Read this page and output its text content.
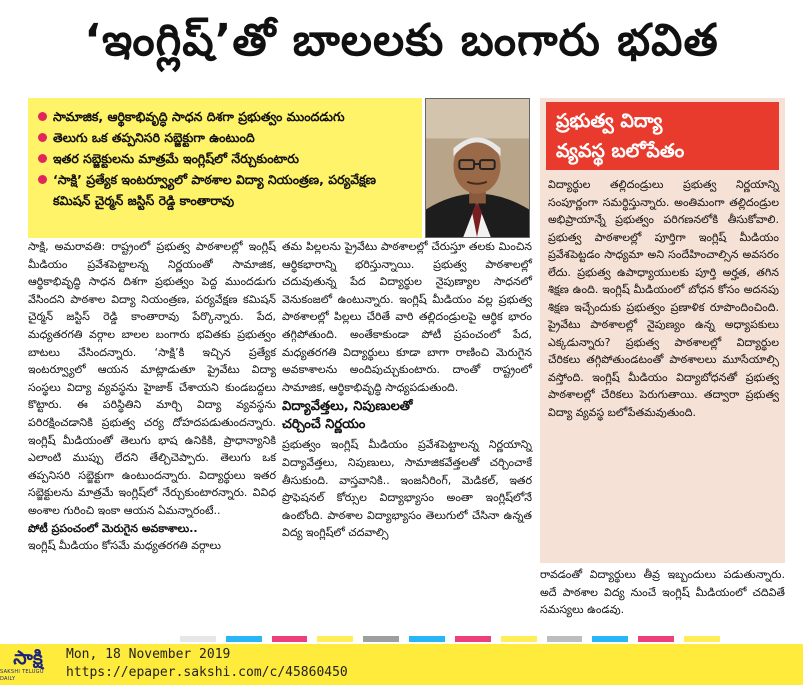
‘ఇంగ్లిష్’తో బాలలకు బంగారు భవిత
సామాజిక, ఆర్థికాభివృద్ధి సాధన దిశగా ప్రభుత్వం ముందడుగు
తెలుగు ఒక తప్పనిసరి సబ్జెక్టుగా ఉంటుంది
ఇతర సబ్జెక్టులను మాత్రమే ఇంగ్లిష్‌లో నేర్చుకుంటారు
‘సాక్షి’ ప్రత్యేక ఇంటర్వ్యూలో పాఠశాల విద్యా నియంత్రణ, పర్యవేక్షణ కమిషన్ చైర్మన్ జస్టిస్ రెడ్డి కాంతారావు
ప్రభుత్వ విద్యా
వ్యవస్థ బలోపేతం
విద్యార్థుల తల్లిదండ్రులు ప్రభుత్వ నిర్ణయాన్ని సంపూర్ణంగా సమర్థిస్తున్నారు. అంతిమంగా తల్లిదండ్రుల అభిప్రాయాన్నే ప్రభుత్వం పరిగణనలోకి తీసుకోవాలి. ప్రభుత్వ పాఠశాలల్లో పూర్తిగా ఇంగ్లిష్ మీడియం ప్రవేశపెట్టడం సాధ్యమా అని సందేహించాల్సిన అవసరం లేదు. ప్రభుత్వ ఉపాధ్యాయులకు పూర్తి అర్హత, తగిన శిక్షణ ఉంది. ఇంగ్లిష్ మీడియంలో బోధన కోసం అదనపు శిక్షణ ఇచ్చేందుకు ప్రభుత్వం ప్రణాళిక రూపొందించింది. ప్రైవేటు పాఠశాలల్లో నైపుణ్యం ఉన్న అధ్యాపకులు ఎక్కడున్నారు? ప్రభుత్వ పాఠశాలల్లో విద్యార్థుల చేరికలు తగ్గిపోతుండటంతో పాఠశాలలు మూసేయాల్సి వస్తోంది. ఇంగ్లిష్ మీడియం విద్యాబోధనతో ప్రభుత్వ పాఠశాలల్లో చేరికలు పెరుగుతాయి. తద్వారా ప్రభుత్వ విద్యా వ్యవస్థ బలోపేతమవుతుంది.
సాక్షి, అమరావతి: రాష్ట్రంలో ప్రభుత్వ పాఠశాలల్లో ఇంగ్లిష్ మీడియం ప్రవేశపెట్టాలన్న నిర్ణయంతో సామాజిక, ఆర్థికాభివృద్ధి సాధన దిశగా ప్రభుత్వం పెద్ద ముందడుగు వేసిందని పాఠశాల విద్యా నియంత్రణ, పర్యవేక్షణ కమిషన్ చైర్మన్ జస్టిస్ రెడ్డి కాంతారావు పేర్కొన్నారు. పేద, మధ్యతరగతి వర్గాల బాలల బంగారు భవితకు ప్రభుత్వం బాటలు వేసిందన్నారు. ‘సాక్షి’కి ఇచ్చిన ప్రత్యేక ఇంటర్వ్యూలో ఆయన మాట్లాడుతూ ప్రైవేటు విద్యా సంస్థలు విద్యా వ్యవస్థను హైజాక్ చేశాయని కుండబద్దలు కొట్టారు. ఈ పరిస్థితిని మార్చి విద్యా వ్యవస్థను పరిరక్షించడానికి ప్రభుత్వ చర్య దోహదపడుతుందన్నారు. ఇంగ్లిష్ మీడియంతో తెలుగు భాష ఉనికికి, ప్రాధాన్యానికి ఎలాంటి ముప్పు లేదని తేల్చిచెప్పారు. తెలుగు ఒక తప్పనిసరి సబ్జెక్టుగా ఉంటుందన్నారు. విద్యార్థులు ఇతర సబ్జెక్టులను మాత్రమే ఇంగ్లిష్‌లో నేర్చుకుంటారన్నారు. వివిధ అంశాల గురించి ఇంకా ఆయన ఏమన్నారంటే..
పోటీ ప్రపంచంలో మెరుగైన అవకాశాలు..
ఇంగ్లిష్ మీడియం కోసమే మధ్యతరగతి వర్గాలు
తమ పిల్లలను ప్రైవేటు పాఠశాలల్లో చేరుస్తూ తలకు మించిన ఆర్థికభారాన్ని భరిస్తున్నాయి. ప్రభుత్వ పాఠశాలల్లో చదువుతున్న పేద విద్యార్థుల నైపుణ్యాల సాధనలో వెనుకంజలో ఉంటున్నారు. ఇంగ్లిష్ మీడియం వల్ల ప్రభుత్వ పాఠశాలల్లో పిల్లలు చేరితే వారి తల్లిదండ్రులపై ఆర్థిక భారం తగ్గిపోతుంది. అంతేకాకుండా పోటీ ప్రపంచంలో పేద, మధ్యతరగతి విద్యార్థులు కూడా బాగా రాణించి మెరుగైన అవకాశాలను అందిపుచ్చుకుంటారు. దాంతో రాష్ట్రంలో సామాజిక, ఆర్థికాభివృద్ధి సాధ్యపడుతుంది.
విద్యావేత్తలు, నిపుణులతో
చర్చించే నిర్ణయం
ప్రభుత్వం ఇంగ్లిష్ మీడియం ప్రవేశపెట్టాలన్న నిర్ణయాన్ని విద్యావేత్తలు, నిపుణులు, సామాజికవేత్తలతో చర్చించాకే తీసుకుంది. వాస్తవానికి.. ఇంజనీరింగ్, మెడికల్, ఇతర ప్రొఫెషనల్ కోర్సుల విద్యాభ్యాసం అంతా ఇంగ్లిష్‌లోనే ఉంటోంది. పాఠశాల విద్యాభ్యాసం తెలుగులో చేసినా ఉన్నత విద్య ఇంగ్లిష్‌లో చదవాల్సి
రావడంతో విద్యార్థులు తీవ్ర ఇబ్బందులు పడుతున్నారు. అదే పాఠశాల విద్య నుంచే ఇంగ్లిష్ మీడియంలో చదివితే సమస్యలు ఉండవు.
సాక్షి
SAKSHI TELUGU DAILY
Mon, 18 November 2019
https://epaper.sakshi.com/c/45860450
